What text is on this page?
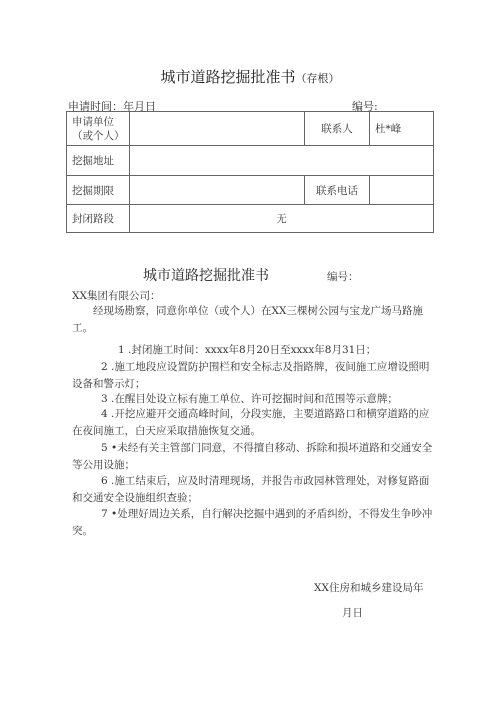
城市道路挖掘批准书（存根）
申请时间：年月日	编号:
申请单位（或个人）		联系人	杜*峰
挖掘地址			
挖掘期限		联系电话	
封闭路段	无		
城市道路挖掘批准书	编号：
XX集团有限公司：
经现场勘察，同意你单位（或个人）在XX三棵树公园与宝龙广场马路施工。
1 .封闭施工时间：xxxx年8月20日至xxxx年8月31日；
2 .施工地段应设置防护围栏和安全标志及指路牌，夜间施工应增设照明设备和警示灯；
3 .在醒目处设立标有施工单位、许可挖掘时间和范围等示意牌；
4 .开挖应避开交通高峰时间，分段实施，主要道路路口和横穿道路的应在夜间施工，白天应采取措施恢复交通。
5 •未经有关主管部门同意，不得擅自移动、拆除和损坏道路和交通安全等公用设施；
6 .施工结束后，应及时清理现场，并报告市政园林管理处，对修复路面和交通安全设施组织查验；
7 •处理好周边关系，自行解决挖掘中遇到的矛盾纠纷，不得发生争吵冲突。
XX住房和城乡建设局年
月日
